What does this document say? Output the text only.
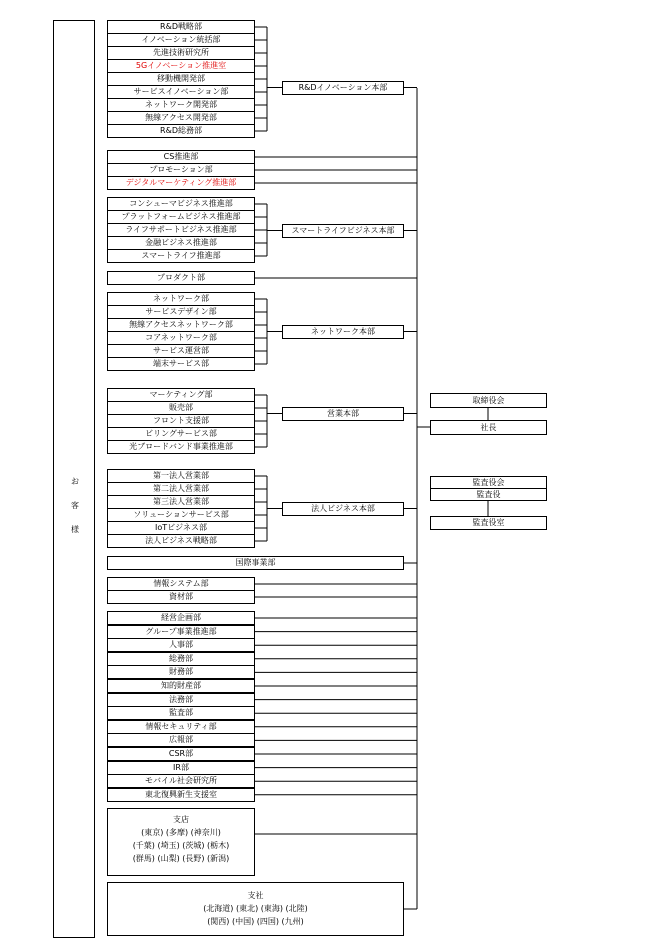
お

客

様
R&D戦略部
イノベーション統括部
先進技術研究所
5Gイノベーション推進室
移動機開発部
サービスイノベーション部
ネットワーク開発部
無線アクセス開発部
R&D総務部
R&Dイノベーション本部
CS推進部
プロモーション部
デジタルマーケティング推進部
コンシューマビジネス推進部
プラットフォームビジネス推進部
ライフサポートビジネス推進部
金融ビジネス推進部
スマートライフ推進部
スマートライフビジネス本部
プロダクト部
ネットワーク部
サービスデザイン部
無線アクセスネットワーク部
コアネットワーク部
サービス運営部
端末サービス部
ネットワーク本部
マーケティング部
販売部
フロント支援部
ビリングサービス部
光ブロードバンド事業推進部
営業本部
第一法人営業部
第二法人営業部
第三法人営業部
ソリューションサービス部
IoTビジネス部
法人ビジネス戦略部
法人ビジネス本部
国際事業部
情報システム部
資材部
経営企画部
グループ事業推進部
人事部
総務部
財務部
知的財産部
法務部
監査部
情報セキュリティ部
広報部
CSR部
IR部
モバイル社会研究所
東北復興新生支援室
取締役会
社長
監査役会
監査役
監査役室
支店
(東京) (多摩) (神奈川)
(千葉) (埼玉) (茨城) (栃木)
(群馬) (山梨) (長野) (新潟)
支社
(北海道) (東北) (東海) (北陸)
(関西) (中国) (四国) (九州)
